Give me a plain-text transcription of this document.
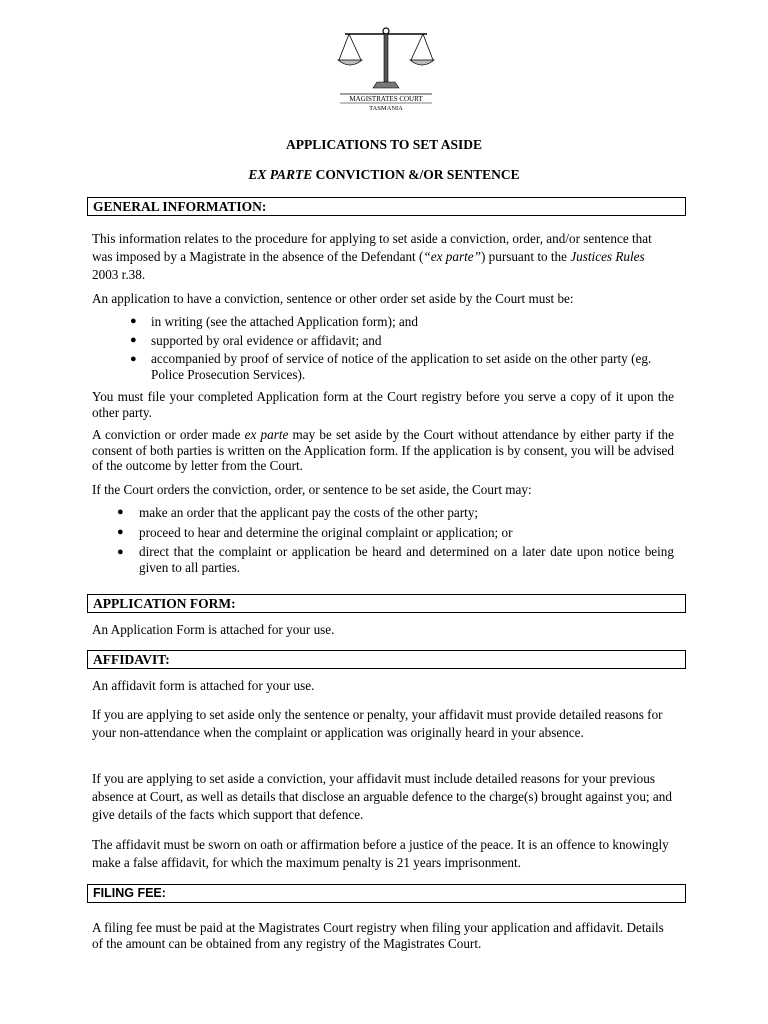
MAGISTRATES COURT
TASMANIA
APPLICATIONS TO SET ASIDE
EX PARTE CONVICTION &/OR SENTENCE
GENERAL INFORMATION:
This information relates to the procedure for applying to set aside a conviction, order, and/or sentence that was imposed by a Magistrate in the absence of the Defendant (“ex parte”) pursuant to the Justices Rules 2003 r.38.
An application to have a conviction, sentence or other order set aside by the Court must be:
● in writing (see the attached Application form); and
● supported by oral evidence or affidavit; and
● accompanied by proof of service of notice of the application to set aside on the other party (eg. Police Prosecution Services).
You must file your completed Application form at the Court registry before you serve a copy of it upon the other party.
A conviction or order made ex parte may be set aside by the Court without attendance by either party if the consent of both parties is written on the Application form. If the application is by consent, you will be advised of the outcome by letter from the Court.
If the Court orders the conviction, order, or sentence to be set aside, the Court may:
● make an order that the applicant pay the costs of the other party;
● proceed to hear and determine the original complaint or application; or
● direct that the complaint or application be heard and determined on a later date upon notice being given to all parties.
APPLICATION FORM:
An Application Form is attached for your use.
AFFIDAVIT:
An affidavit form is attached for your use.
If you are applying to set aside only the sentence or penalty, your affidavit must provide detailed reasons for your non-attendance when the complaint or application was originally heard in your absence.
If you are applying to set aside a conviction, your affidavit must include detailed reasons for your previous absence at Court, as well as details that disclose an arguable defence to the charge(s) brought against you; and give details of the facts which support that defence.
The affidavit must be sworn on oath or affirmation before a justice of the peace. It is an offence to knowingly make a false affidavit, for which the maximum penalty is 21 years imprisonment.
FILING FEE:
A filing fee must be paid at the Magistrates Court registry when filing your application and affidavit. Details of the amount can be obtained from any registry of the Magistrates Court.
